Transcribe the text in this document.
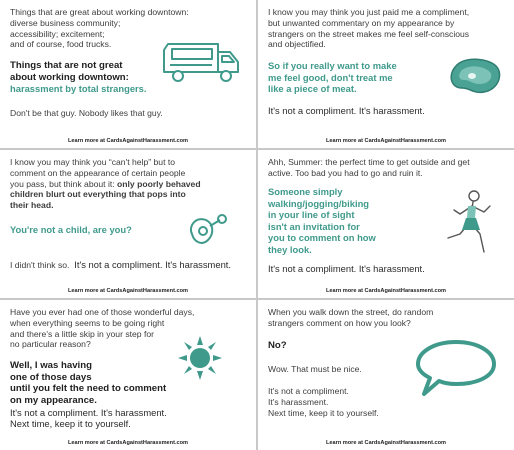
Things that are great about working downtown:

diverse business community;

accessibility; excitement;

and of course, food trucks.

Things that are not great

about working downtown:

harassment by total strangers.

Don't be that guy. Nobody likes that guy.

Learn more at CardsAgainstHarassment.com

I know you may think you just paid me a compliment,

but unwanted commentary on my appearance by

strangers on the street makes me feel self-conscious

and objectified.

So if you really want to make

me feel good, don't treat me

like a piece of meat.

It's not a compliment. It's harassment.

Learn more at CardsAgainstHarassment.com

I know you may think you “can't help” but to

comment on the appearance of certain people

you pass, but think about it: only poorly behaved

children blurt out everything that pops into

their head.

You're not a child, are you?

I didn't think so. It's not a compliment. It's harassment.

Learn more at CardsAgainstHarassment.com

Ahh, Summer: the perfect time to get outside and get

active. Too bad you had to go and ruin it.

Someone simply

walking/jogging/biking

in your line of sight

isn't an invitation for

you to comment on how

they look.

It's not a compliment. It's harassment.

Learn more at CardsAgainstHarassment.com

Have you ever had one of those wonderful days,

when everything seems to be going right

and there's a little skip in your step for

no particular reason?

Well, I was having

one of those days

until you felt the need to comment

on my appearance.

It's not a compliment. It's harassment.

Next time, keep it to yourself.

Learn more at CardsAgainstHarassment.com

When you walk down the street, do random

strangers comment on how you look?

No?

Wow. That must be nice.

It's not a compliment.

It's harassment.

Next time, keep it to yourself.

Learn more at CardsAgainstHarassment.com
